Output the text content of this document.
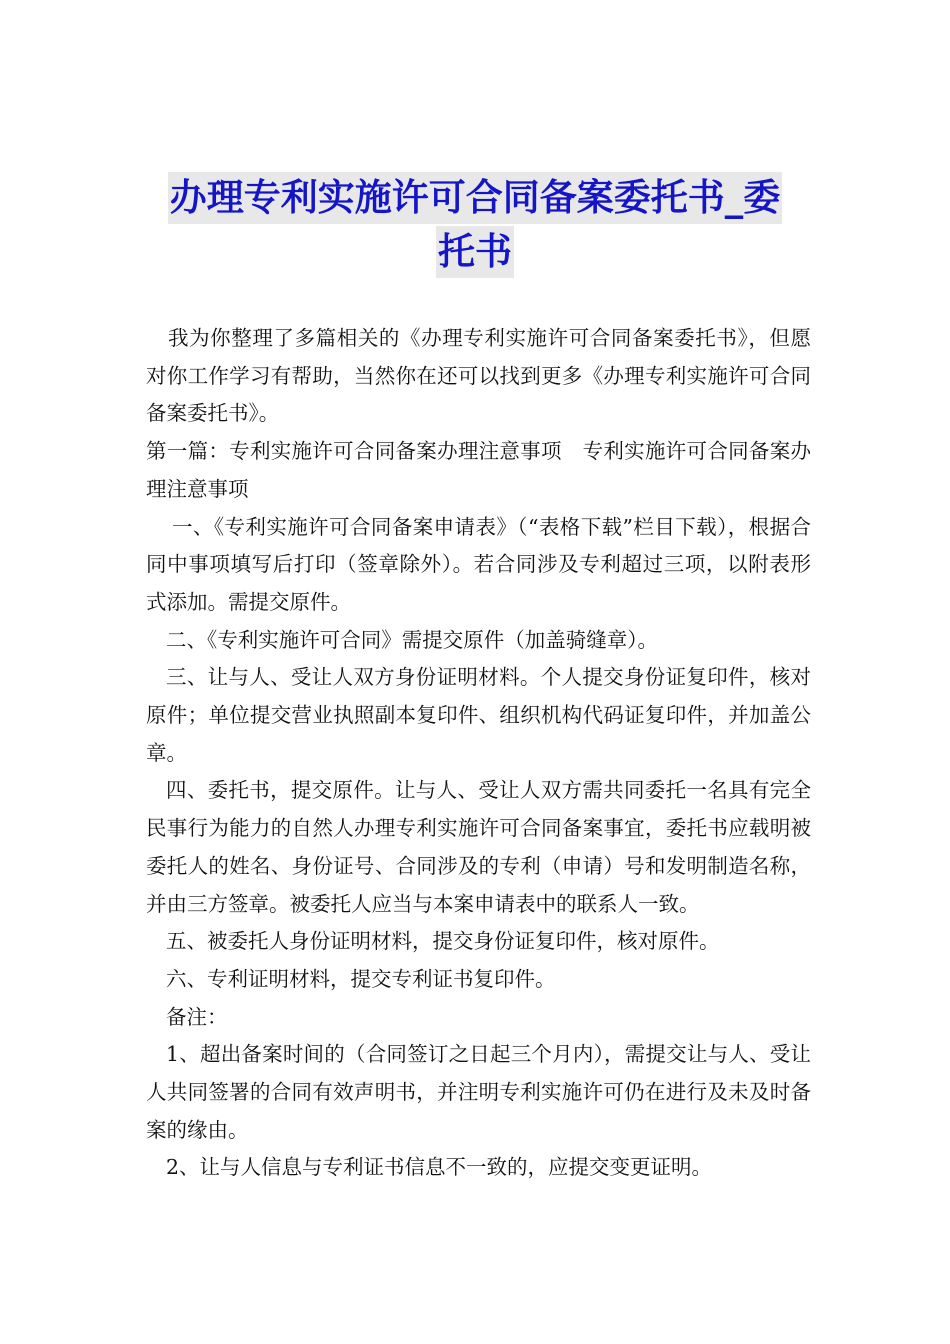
办理专利实施许可合同备案委托书_委
托书

我为你整理了多篇相关的《办理专利实施许可合同备案委托书》，但愿对你工作学习有帮助，当然你在还可以找到更多《办理专利实施许可合同备案委托书》。

第一篇：专利实施许可合同备案办理注意事项　专利实施许可合同备案办理注意事项

一、《专利实施许可合同备案申请表》（“表格下载”栏目下载），根据合同中事项填写后打印（签章除外）。若合同涉及专利超过三项，以附表形式添加。需提交原件。

二、《专利实施许可合同》需提交原件（加盖骑缝章）。

三、让与人、受让人双方身份证明材料。个人提交身份证复印件，核对原件；单位提交营业执照副本复印件、组织机构代码证复印件，并加盖公章。

四、委托书，提交原件。让与人、受让人双方需共同委托一名具有完全民事行为能力的自然人办理专利实施许可合同备案事宜，委托书应载明被委托人的姓名、身份证号、合同涉及的专利（申请）号和发明制造名称，并由三方签章。被委托人应当与本案申请表中的联系人一致。

五、被委托人身份证明材料，提交身份证复印件，核对原件。

六、专利证明材料，提交专利证书复印件。

备注：

1、超出备案时间的（合同签订之日起三个月内），需提交让与人、受让人共同签署的合同有效声明书，并注明专利实施许可仍在进行及未及时备案的缘由。

2、让与人信息与专利证书信息不一致的，应提交变更证明。
